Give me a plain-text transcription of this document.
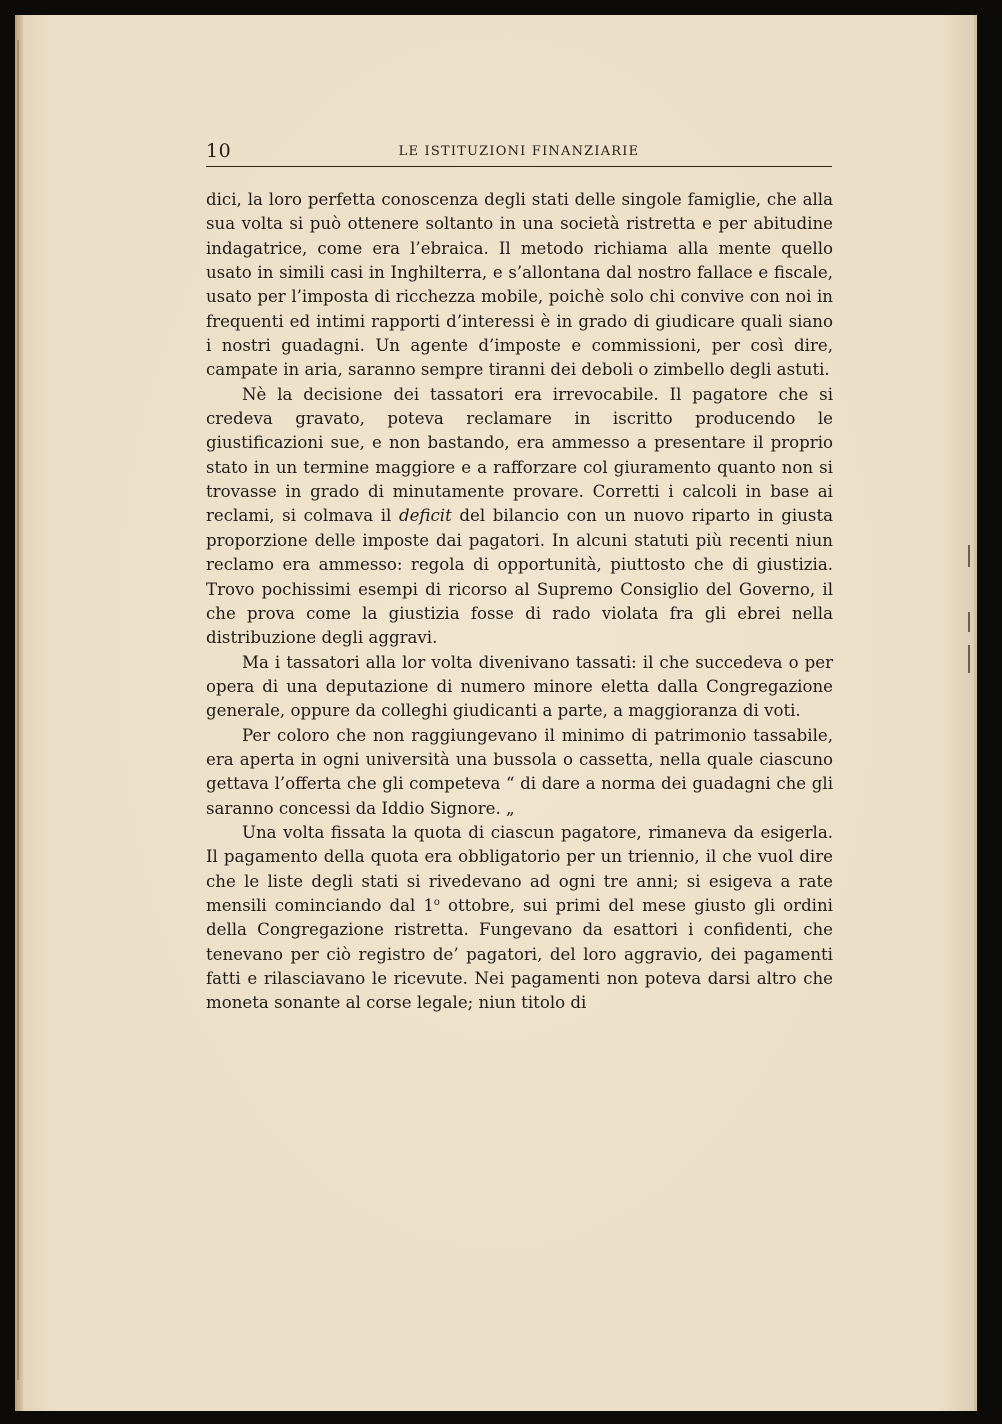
10	LE ISTITUZIONI FINANZIARIE

dici, la loro perfetta conoscenza degli stati delle singole famiglie, che alla sua volta si può ottenere soltanto in una società ristretta e per abitudine indagatrice, come era l’ebraica. Il metodo richiama alla mente quello usato in simili casi in Inghilterra, e s’allontana dal nostro fallace e fiscale, usato per l’imposta di ricchezza mobile, poichè solo chi convive con noi in frequenti ed intimi rapporti d’interessi è in grado di giudicare quali siano i nostri guadagni. Un agente d’imposte e commissioni, per così dire, campate in aria, saranno sempre tiranni dei deboli o zimbello degli astuti.

Nè la decisione dei tassatori era irrevocabile. Il pagatore che si credeva gravato, poteva reclamare in iscritto producendo le giustificazioni sue, e non bastando, era ammesso a presentare il proprio stato in un termine maggiore e a rafforzare col giuramento quanto non si trovasse in grado di minutamente provare. Corretti i calcoli in base ai reclami, si colmava il deficit del bilancio con un nuovo riparto in giusta proporzione delle imposte dai pagatori. In alcuni statuti più recenti niun reclamo era ammesso: regola di opportunità, piuttosto che di giustizia. Trovo pochissimi esempi di ricorso al Supremo Consiglio del Governo, il che prova come la giustizia fosse di rado violata fra gli ebrei nella distribuzione degli aggravi.

Ma i tassatori alla lor volta divenivano tassati: il che succedeva o per opera di una deputazione di numero minore eletta dalla Congregazione generale, oppure da colleghi giudicanti a parte, a maggioranza di voti.

Per coloro che non raggiungevano il minimo di patrimonio tassabile, era aperta in ogni università una bussola o cassetta, nella quale ciascuno gettava l’offerta che gli competeva “ di dare a norma dei guadagni che gli saranno concessi da Iddio Signore. „

Una volta fissata la quota di ciascun pagatore, rimaneva da esigerla. Il pagamento della quota era obbligatorio per un triennio, il che vuol dire che le liste degli stati si rivedevano ad ogni tre anni; si esigeva a rate mensili cominciando dal 1$^o$ ottobre, sui primi del mese giusto gli ordini della Congregazione ristretta. Fungevano da esattori i confidenti, che tenevano per ciò registro de’ pagatori, del loro aggravio, dei pagamenti fatti e rilasciavano le ricevute. Nei pagamenti non poteva darsi altro che moneta sonante al corse legale; niun titolo di
